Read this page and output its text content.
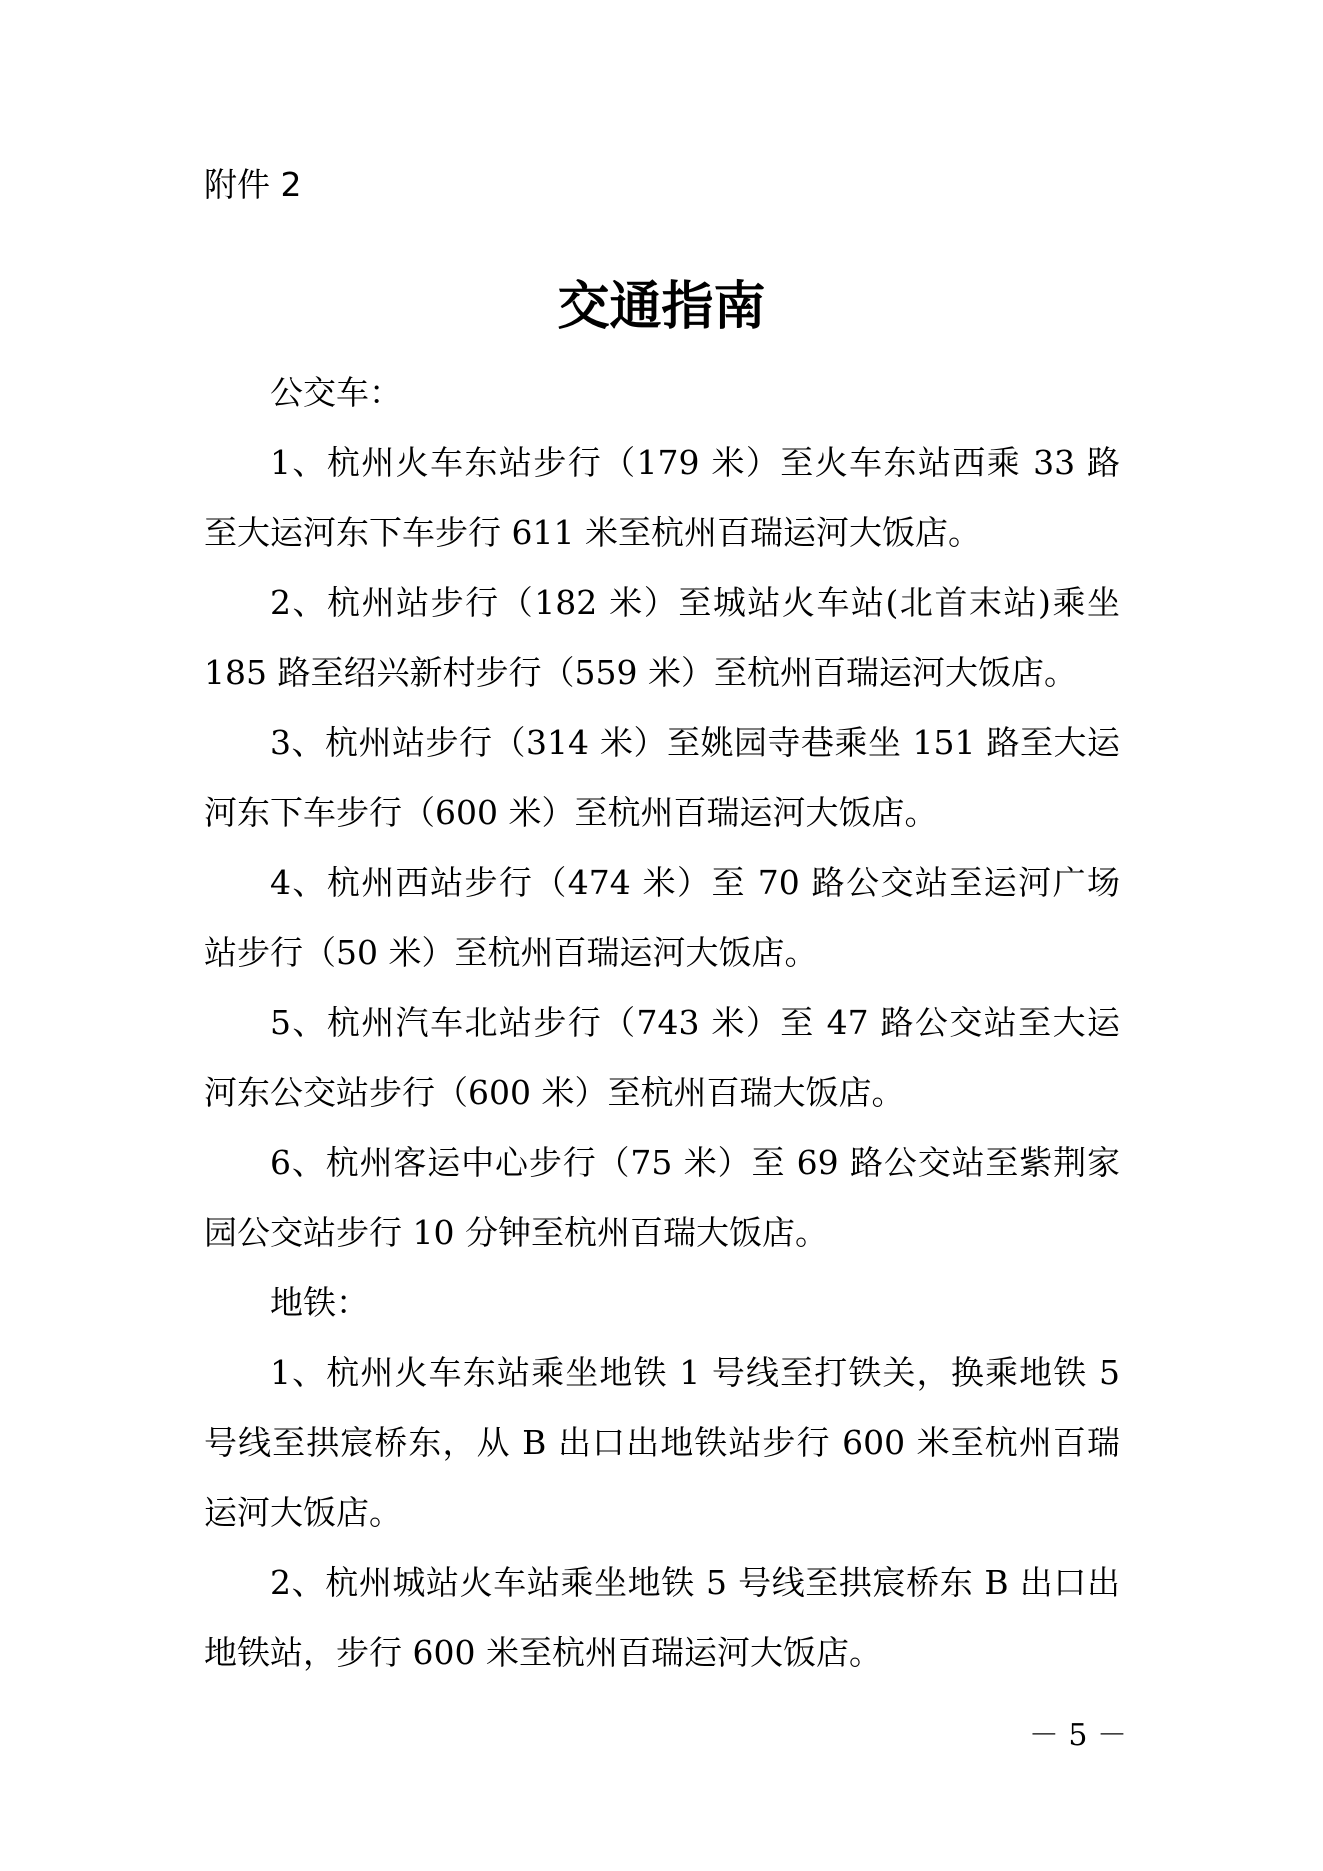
附件 2
交通指南

公交车：

1、杭州火车东站步行（179 米）至火车东站西乘 33 路至大运河东下车步行 611 米至杭州百瑞运河大饭店。

2、杭州站步行（182 米）至城站火车站(北首末站)乘坐 185 路至绍兴新村步行（559 米）至杭州百瑞运河大饭店。

3、杭州站步行（314 米）至姚园寺巷乘坐 151 路至大运河东下车步行（600 米）至杭州百瑞运河大饭店。

4、杭州西站步行（474 米）至 70 路公交站至运河广场站步行（50 米）至杭州百瑞运河大饭店。

5、杭州汽车北站步行（743 米）至 47 路公交站至大运河东公交站步行（600 米）至杭州百瑞大饭店。

6、杭州客运中心步行（75 米）至 69 路公交站至紫荆家园公交站步行 10 分钟至杭州百瑞大饭店。

地铁：

1、杭州火车东站乘坐地铁 1 号线至打铁关，换乘地铁 5 号线至拱宸桥东，从 B 出口出地铁站步行 600 米至杭州百瑞运河大饭店。

2、杭州城站火车站乘坐地铁 5 号线至拱宸桥东 B 出口出地铁站，步行 600 米至杭州百瑞运河大饭店。

－ 5 －
